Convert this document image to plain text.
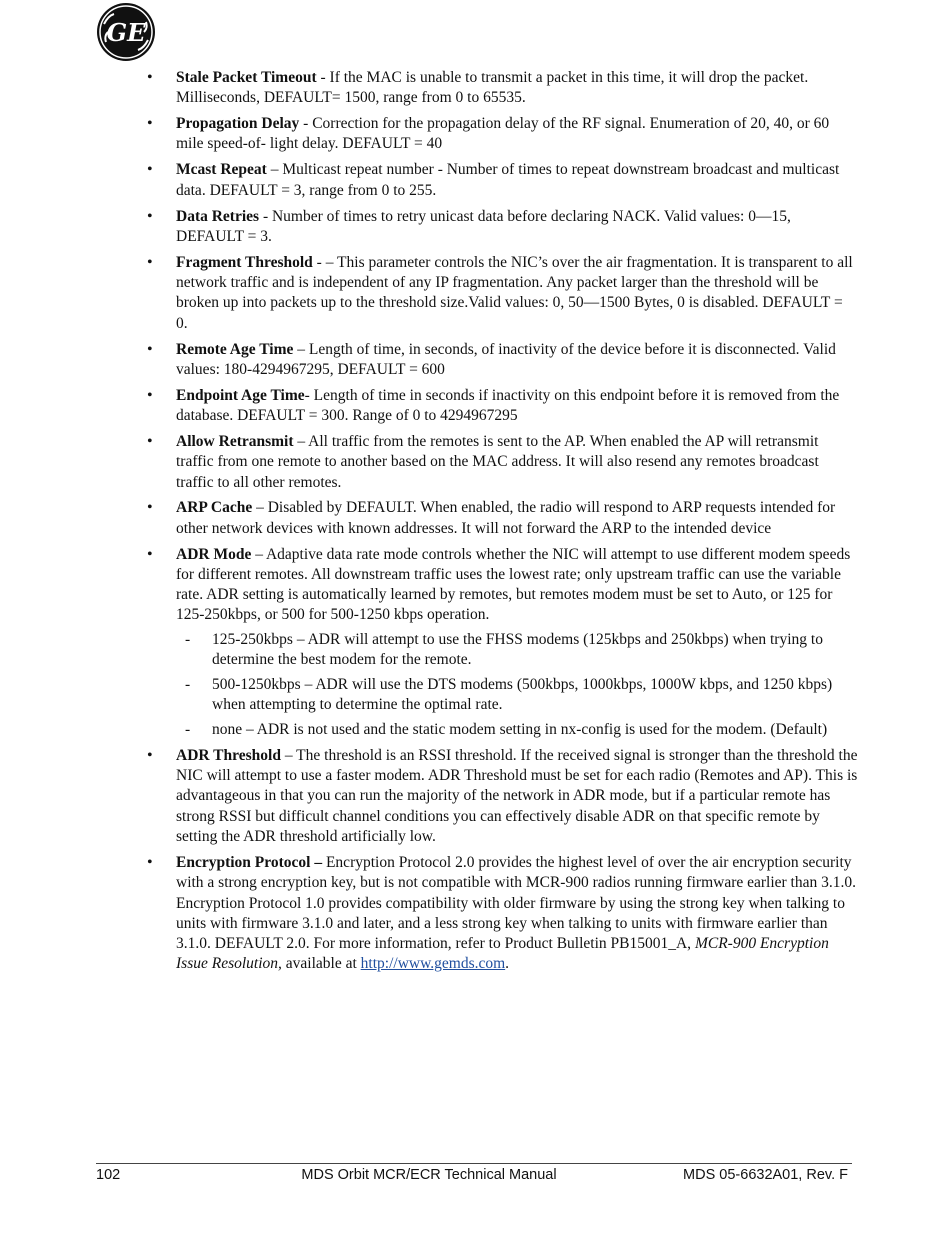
GE
• Stale Packet Timeout - If the MAC is unable to transmit a packet in this time, it will drop the packet. Milliseconds, DEFAULT= 1500, range from 0 to 65535.
• Propagation Delay - Correction for the propagation delay of the RF signal. Enumeration of 20, 40, or 60 mile speed-of- light delay. DEFAULT = 40
• Mcast Repeat – Multicast repeat number - Number of times to repeat downstream broadcast and multicast data. DEFAULT = 3, range from 0 to 255.
• Data Retries - Number of times to retry unicast data before declaring NACK. Valid values: 0—15, DEFAULT = 3.
• Fragment Threshold - – This parameter controls the NIC’s over the air fragmentation. It is transparent to all network traffic and is independent of any IP fragmentation. Any packet larger than the threshold will be broken up into packets up to the threshold size.Valid values: 0, 50—1500 Bytes, 0 is disabled. DEFAULT = 0.
• Remote Age Time – Length of time, in seconds, of inactivity of the device before it is disconnected. Valid values: 180-4294967295, DEFAULT = 600
• Endpoint Age Time- Length of time in seconds if inactivity on this endpoint before it is removed from the database. DEFAULT = 300. Range of 0 to 4294967295
• Allow Retransmit – All traffic from the remotes is sent to the AP. When enabled the AP will retransmit traffic from one remote to another based on the MAC address. It will also resend any remotes broadcast traffic to all other remotes.
• ARP Cache – Disabled by DEFAULT. When enabled, the radio will respond to ARP requests intended for other network devices with known addresses. It will not forward the ARP to the intended device
• ADR Mode – Adaptive data rate mode controls whether the NIC will attempt to use different modem speeds for different remotes. All downstream traffic uses the lowest rate; only upstream traffic can use the variable rate. ADR setting is automatically learned by remotes, but remotes modem must be set to Auto, or 125 for 125-250kbps, or 500 for 500-1250 kbps operation.
- 125-250kbps – ADR will attempt to use the FHSS modems (125kbps and 250kbps) when trying to determine the best modem for the remote.
- 500-1250kbps – ADR will use the DTS modems (500kbps, 1000kbps, 1000W kbps, and 1250 kbps) when attempting to determine the optimal rate.
- none – ADR is not used and the static modem setting in nx-config is used for the modem. (Default)
• ADR Threshold – The threshold is an RSSI threshold. If the received signal is stronger than the threshold the NIC will attempt to use a faster modem. ADR Threshold must be set for each radio (Remotes and AP). This is advantageous in that you can run the majority of the network in ADR mode, but if a particular remote has strong RSSI but difficult channel conditions you can effectively disable ADR on that specific remote by setting the ADR threshold artificially low.
• Encryption Protocol – Encryption Protocol 2.0 provides the highest level of over the air encryption security with a strong encryption key, but is not compatible with MCR-900 radios running firmware earlier than 3.1.0. Encryption Protocol 1.0 provides compatibility with older firmware by using the strong key when talking to units with firmware 3.1.0 and later, and a less strong key when talking to units with firmware earlier than 3.1.0. DEFAULT 2.0. For more information, refer to Product Bulletin PB15001_A, MCR-900 Encryption Issue Resolution, available at http://www.gemds.com.
102	MDS Orbit MCR/ECR Technical Manual	MDS 05-6632A01, Rev. F
